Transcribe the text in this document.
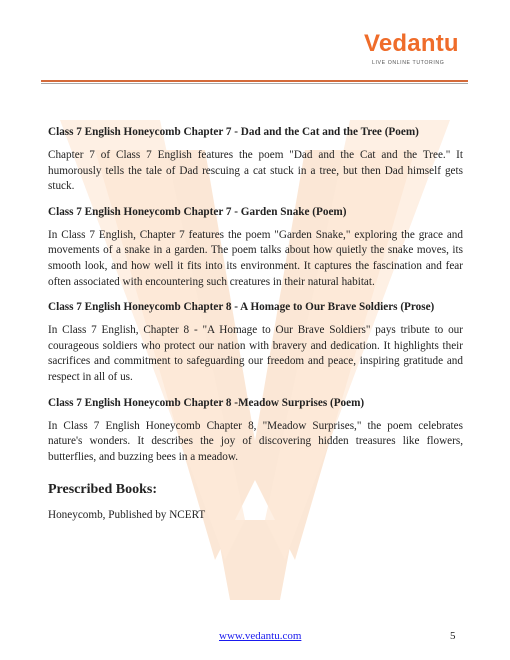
Vedantu
LIVE ONLINE TUTORING

Class 7 English Honeycomb Chapter 7 - Dad and the Cat and the Tree (Poem)

Chapter 7 of Class 7 English features the poem "Dad and the Cat and the Tree." It humorously tells the tale of Dad rescuing a cat stuck in a tree, but then Dad himself gets stuck.

Class 7 English Honeycomb Chapter 7 - Garden Snake (Poem)

In Class 7 English, Chapter 7 features the poem "Garden Snake," exploring the grace and movements of a snake in a garden. The poem talks about how quietly the snake moves, its smooth look, and how well it fits into its environment. It captures the fascination and fear often associated with encountering such creatures in their natural habitat.

Class 7 English Honeycomb Chapter 8 - A Homage to Our Brave Soldiers (Prose)

In Class 7 English, Chapter 8 - "A Homage to Our Brave Soldiers" pays tribute to our courageous soldiers who protect our nation with bravery and dedication. It highlights their sacrifices and commitment to safeguarding our freedom and peace, inspiring gratitude and respect in all of us.

Class 7 English Honeycomb Chapter 8 -Meadow Surprises (Poem)

In Class 7 English Honeycomb Chapter 8, "Meadow Surprises," the poem celebrates nature's wonders. It describes the joy of discovering hidden treasures like flowers, butterflies, and buzzing bees in a meadow.

Prescribed Books:

Honeycomb, Published by NCERT

www.vedantu.com	5
